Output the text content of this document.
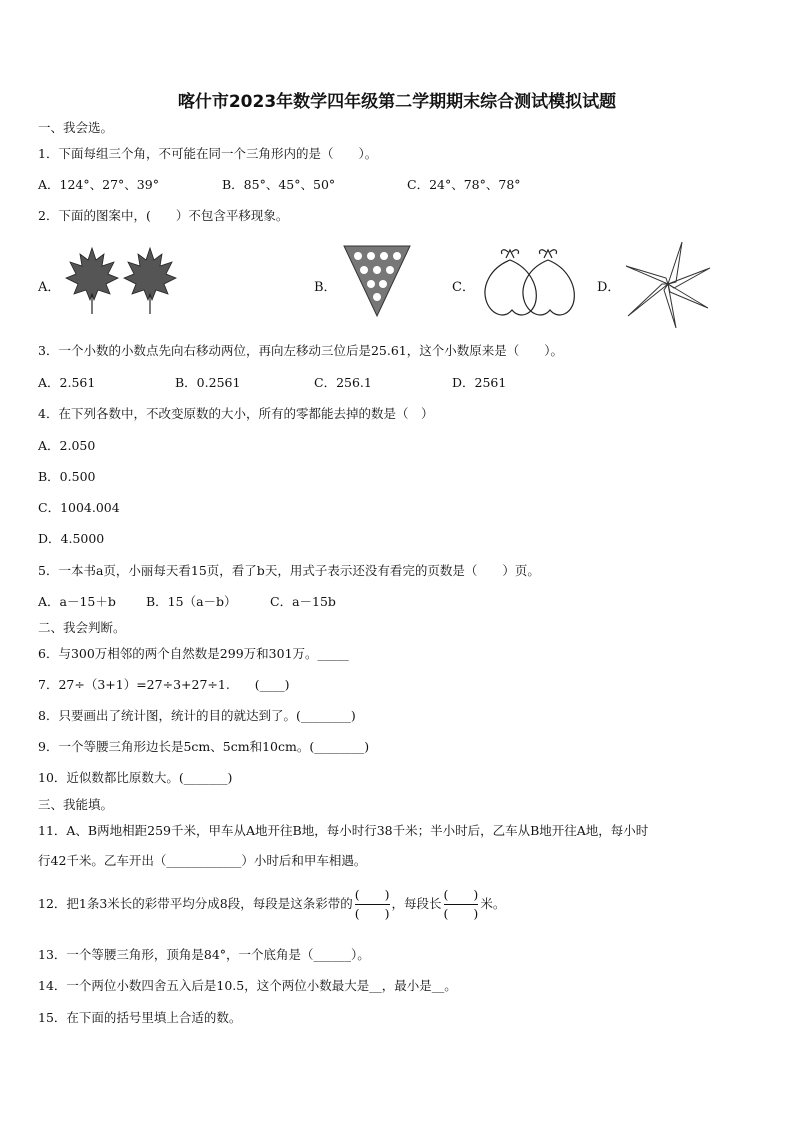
喀什市2023年数学四年级第二学期期末综合测试模拟试题
一、我会选。
1．下面每组三个角，不可能在同一个三角形内的是（　　）。
A．124°、27°、39°	B．85°、45°、50°	C．24°、78°、78°
2．下面的图案中，(　　）不包含平移现象。
A．	B．	C．	D．
3．一个小数的小数点先向右移动两位，再向左移动三位后是25.61，这个小数原来是（　　）。
A．2.561	B．0.2561	C．256.1	D．2561
4．在下列各数中，不改变原数的大小，所有的零都能去掉的数是（　）
A．2.050
B．0.500
C．1004.004
D．4.5000
5．一本书a页，小丽每天看15页，看了b天，用式子表示还没有看完的页数是（　　）页。
A．a－15＋b B．15（a－b）	C．a－15b
二、我会判断。
6．与300万相邻的两个自然数是299万和301万。_____
7．27÷（3+1）=27÷3+27÷1.　　(____)
8．只要画出了统计图，统计的目的就达到了。(________)
9．一个等腰三角形边长是5cm、5cm和10cm。(________)
10．近似数都比原数大。(_______)
三、我能填。
11．A、B两地相距259千米，甲车从A地开往B地，每小时行38千米；半小时后，乙车从B地开往A地，每小时
行42千米。乙车开出（____________）小时后和甲车相遇。
12．把1条3米长的彩带平均分成8段，每段是这条彩带的 $\frac{( )}{( )}$ ，每段长 $\frac{( )}{( )}$ 米。
13．一个等腰三角形，顶角是84°，一个底角是（______）。
14．一个两位小数四舍五入后是10.5，这个两位小数最大是__，最小是__。
15．在下面的括号里填上合适的数。
